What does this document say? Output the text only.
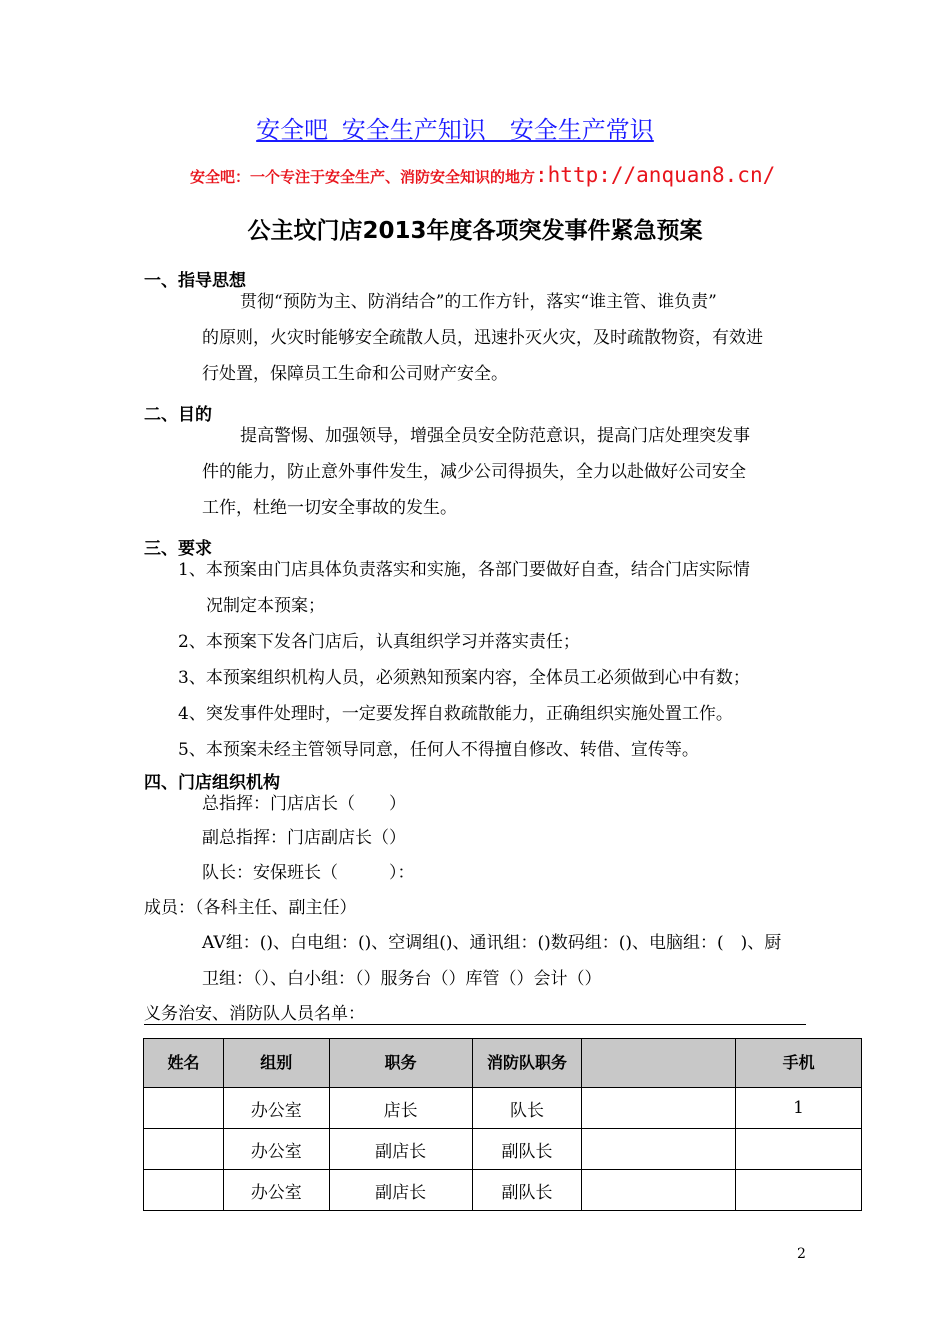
安全吧 安全生产知识　安全生产常识
安全吧：一个专注于安全生产、消防安全知识的地方:http://anquan8.cn/
公主坟门店2013年度各项突发事件紧急预案
一、指导思想
贯彻“预防为主、防消结合”的工作方针，落实“谁主管、谁负责”
的原则，火灾时能够安全疏散人员，迅速扑灭火灾，及时疏散物资，有效进
行处置，保障员工生命和公司财产安全。
二、目的
提高警惕、加强领导，增强全员安全防范意识，提高门店处理突发事
件的能力，防止意外事件发生，减少公司得损失，全力以赴做好公司安全
工作，杜绝一切安全事故的发生。
三、要求
1、本预案由门店具体负责落实和实施，各部门要做好自查，结合门店实际情
况制定本预案；
2、本预案下发各门店后，认真组织学习并落实责任；
3、本预案组织机构人员，必须熟知预案内容，全体员工必须做到心中有数；
4、突发事件处理时，一定要发挥自救疏散能力，正确组织实施处置工作。
5、本预案未经主管领导同意，任何人不得擅自修改、转借、宣传等。
四、门店组织机构
总指挥：门店店长（　　）
副总指挥：门店副店长（）
队长：安保班长（　　　）：
成员：（各科主任、副主任）
AV组：()、白电组：()、空调组()、通讯组：()数码组：()、电脑组：(　)、厨
卫组：（）、白小组：（）服务台（）库管（）会计（）
义务治安、消防队人员名单：
姓名	组别	职务	消防队职务		手机
	办公室	店长	队长		1
	办公室	副店长	副队长		
	办公室	副店长	副队长		
2
